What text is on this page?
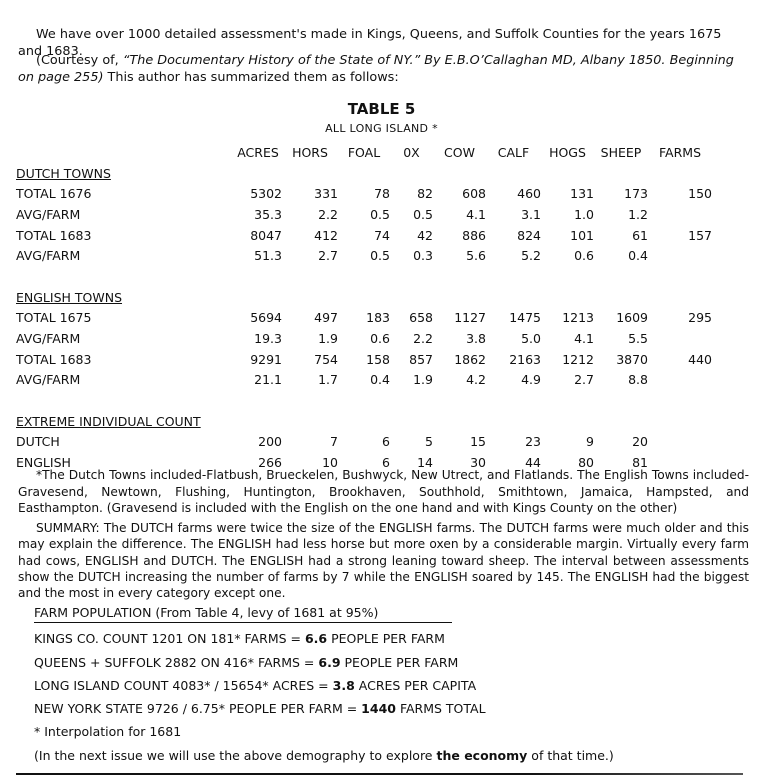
We have over 1000 detailed assessment's made in Kings, Queens, and Suffolk Counties for the years 1675 and 1683.
(Courtesy of, “The Documentary History of the State of NY.” By E.B.O’Callaghan MD, Albany 1850. Beginning on page 255) This author has summarized them as follows:
TABLE 5
ALL LONG ISLAND *
	ACRES	HORS	FOAL	0X	COW	CALF	HOGS	SHEEP	FARMS
DUTCH TOWNS									
TOTAL 1676	5302	331	78	82	608	460	131	173	150
AVG/FARM	35.3	2.2	0.5	0.5	4.1	3.1	1.0	1.2	
TOTAL 1683	8047	412	74	42	886	824	101	61	157
AVG/FARM	51.3	2.7	0.5	0.3	5.6	5.2	0.6	0.4	

ENGLISH TOWNS									
TOTAL 1675	5694	497	183	658	1127	1475	1213	1609	295
AVG/FARM	19.3	1.9	0.6	2.2	3.8	5.0	4.1	5.5	
TOTAL 1683	9291	754	158	857	1862	2163	1212	3870	440
AVG/FARM	21.1	1.7	0.4	1.9	4.2	4.9	2.7	8.8	

EXTREME INDIVIDUAL COUNT									
DUTCH	200	7	6	5	15	23	9	20	
ENGLISH	266	10	6	14	30	44	80	81	
*The Dutch Towns included-Flatbush, Brueckelen, Bushwyck, New Utrect, and Flatlands. The English Towns included-Gravesend, Newtown, Flushing, Huntington, Brookhaven, Southhold, Smithtown, Jamaica, Hampsted, and Easthampton. (Gravesend is included with the English on the one hand and with Kings County on the other)
SUMMARY: The DUTCH farms were twice the size of the ENGLISH farms. The DUTCH farms were much older and this may explain the difference. The ENGLISH had less horse but more oxen by a considerable margin. Virtually every farm had cows, ENGLISH and DUTCH. The ENGLISH had a strong leaning toward sheep. The interval between assessments show the DUTCH increasing the number of farms by 7 while the ENGLISH soared by 145. The ENGLISH had the biggest and the most in every category except one.
FARM POPULATION (From Table 4, levy of 1681 at 95%)
KINGS CO. COUNT 1201 ON 181* FARMS = 6.6 PEOPLE PER FARM
QUEENS + SUFFOLK 2882 ON 416* FARMS = 6.9 PEOPLE PER FARM
LONG ISLAND COUNT 4083* / 15654* ACRES = 3.8 ACRES PER CAPITA
NEW YORK STATE 9726 / 6.75* PEOPLE PER FARM = 1440 FARMS TOTAL
* Interpolation for 1681
(In the next issue we will use the above demography to explore the economy of that time.)
